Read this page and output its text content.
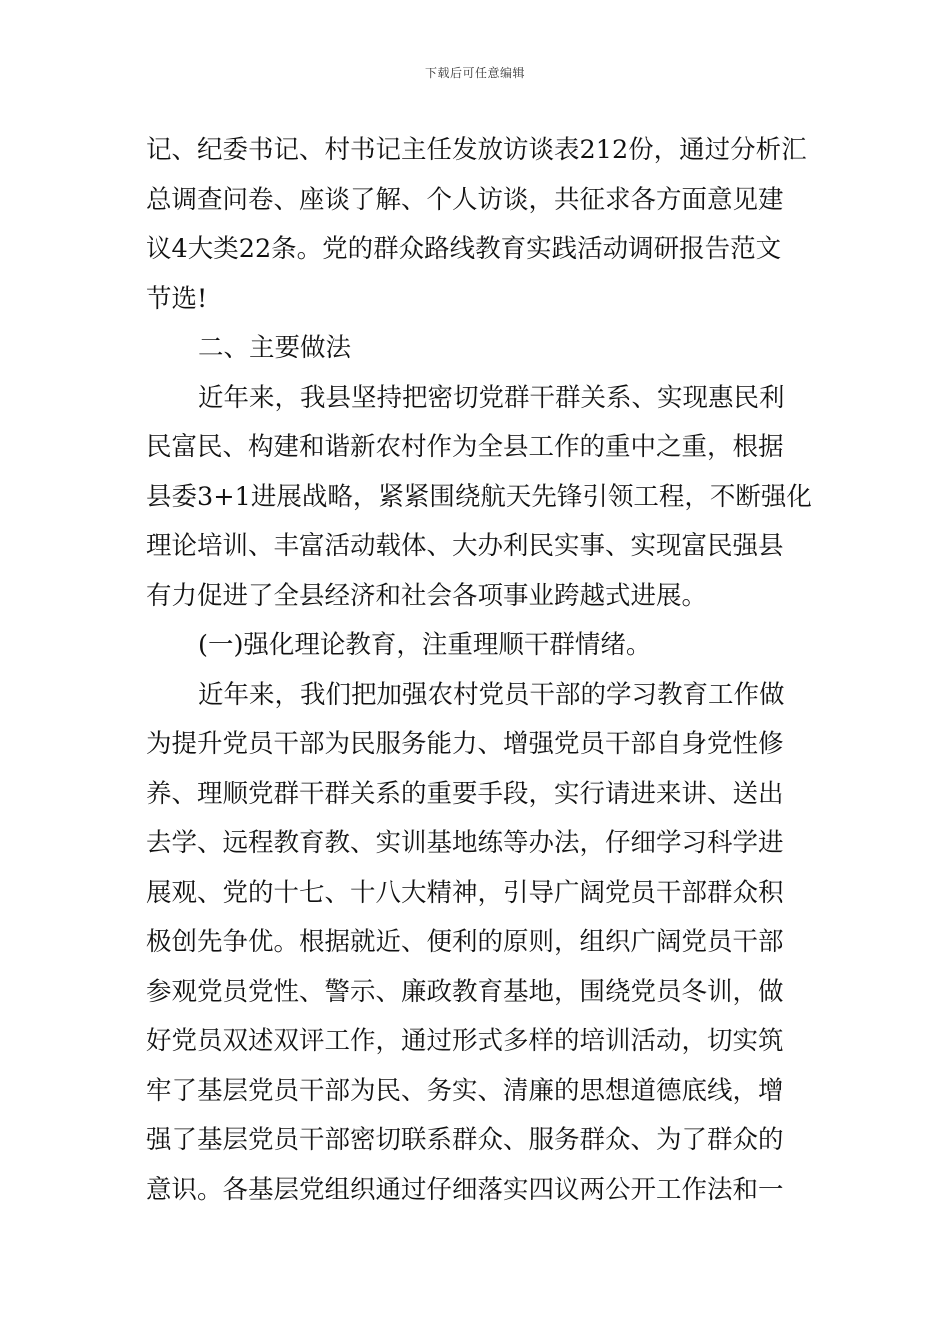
下载后可任意编辑
记、纪委书记、村书记主任发放访谈表212份，通过分析汇
总调查问卷、座谈了解、个人访谈，共征求各方面意见建
议4大类22条。党的群众路线教育实践活动调研报告范文
节选!
二、主要做法
近年来，我县坚持把密切党群干群关系、实现惠民利
民富民、构建和谐新农村作为全县工作的重中之重，根据
县委3+1进展战略，紧紧围绕航天先锋引领工程，不断强化
理论培训、丰富活动载体、大办利民实事、实现富民强县
有力促进了全县经济和社会各项事业跨越式进展。
(一)强化理论教育，注重理顺干群情绪。
近年来，我们把加强农村党员干部的学习教育工作做
为提升党员干部为民服务能力、增强党员干部自身党性修
养、理顺党群干群关系的重要手段，实行请进来讲、送出
去学、远程教育教、实训基地练等办法，仔细学习科学进
展观、党的十七、十八大精神，引导广阔党员干部群众积
极创先争优。根据就近、便利的原则，组织广阔党员干部
参观党员党性、警示、廉政教育基地，围绕党员冬训，做
好党员双述双评工作，通过形式多样的培训活动，切实筑
牢了基层党员干部为民、务实、清廉的思想道德底线，增
强了基层党员干部密切联系群众、服务群众、为了群众的
意识。各基层党组织通过仔细落实四议两公开工作法和一
